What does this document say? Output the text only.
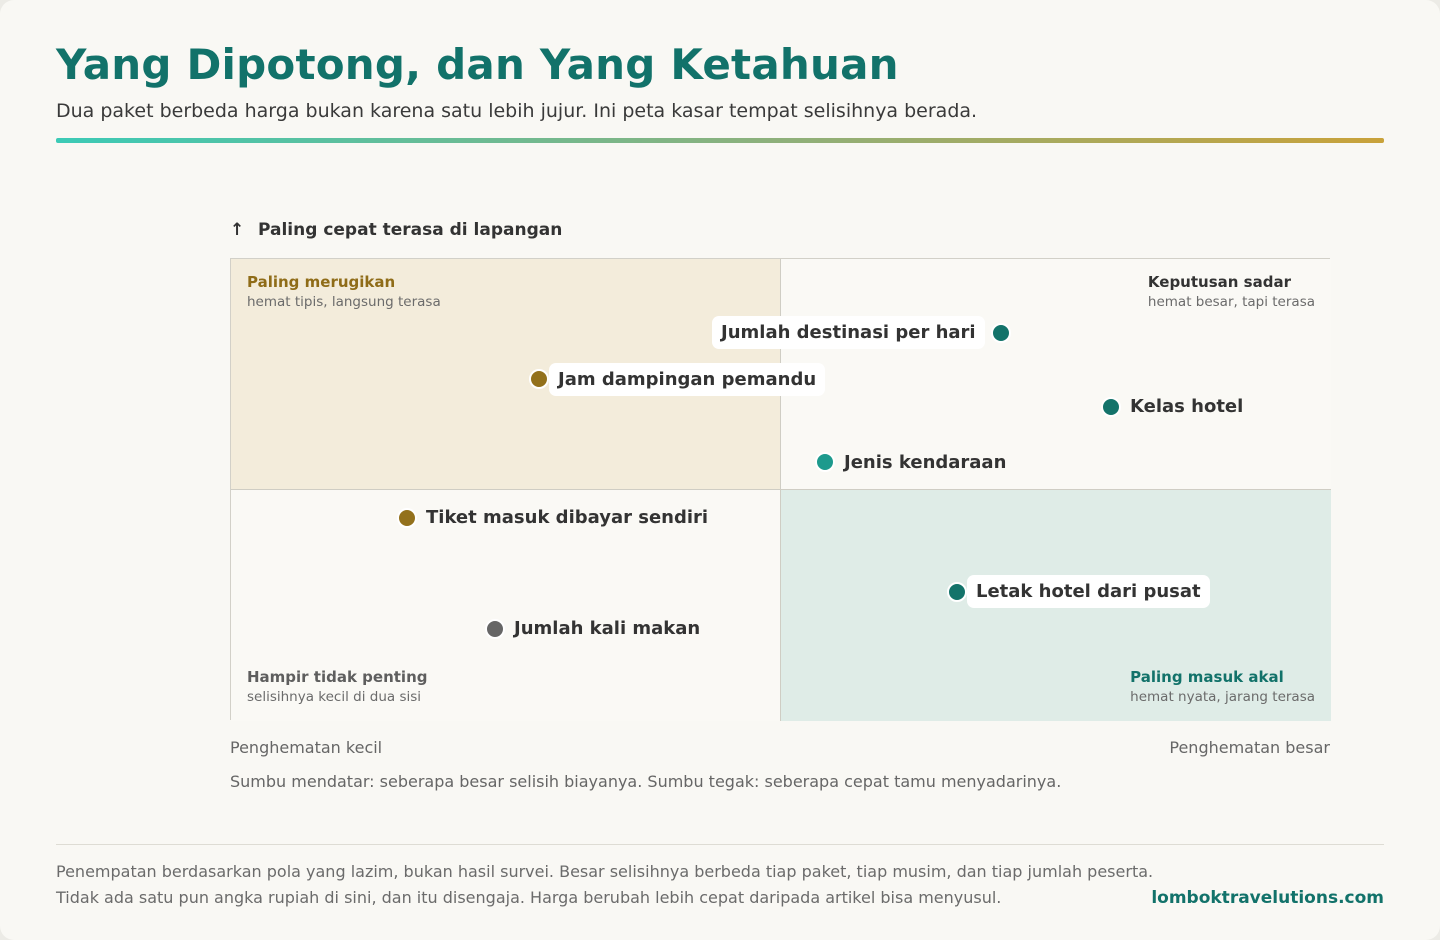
Yang Dipotong, dan Yang Ketahuan
Dua paket berbeda harga bukan karena satu lebih jujur. Ini peta kasar tempat selisihnya berada.
↑ Paling cepat terasa di lapangan
Paling merugikan
hemat tipis, langsung terasa
Keputusan sadar
hemat besar, tapi terasa
Hampir tidak penting
selisihnya kecil di dua sisi
Paling masuk akal
hemat nyata, jarang terasa
Jumlah destinasi per hari
Jam dampingan pemandu
Kelas hotel
Jenis kendaraan
Tiket masuk dibayar sendiri
Letak hotel dari pusat
Jumlah kali makan
Penghematan kecil	Penghematan besar
Sumbu mendatar: seberapa besar selisih biayanya. Sumbu tegak: seberapa cepat tamu menyadarinya.
Penempatan berdasarkan pola yang lazim, bukan hasil survei. Besar selisihnya berbeda tiap paket, tiap musim, dan tiap jumlah peserta.
Tidak ada satu pun angka rupiah di sini, dan itu disengaja. Harga berubah lebih cepat daripada artikel bisa menyusul.	lomboktravelutions.com
